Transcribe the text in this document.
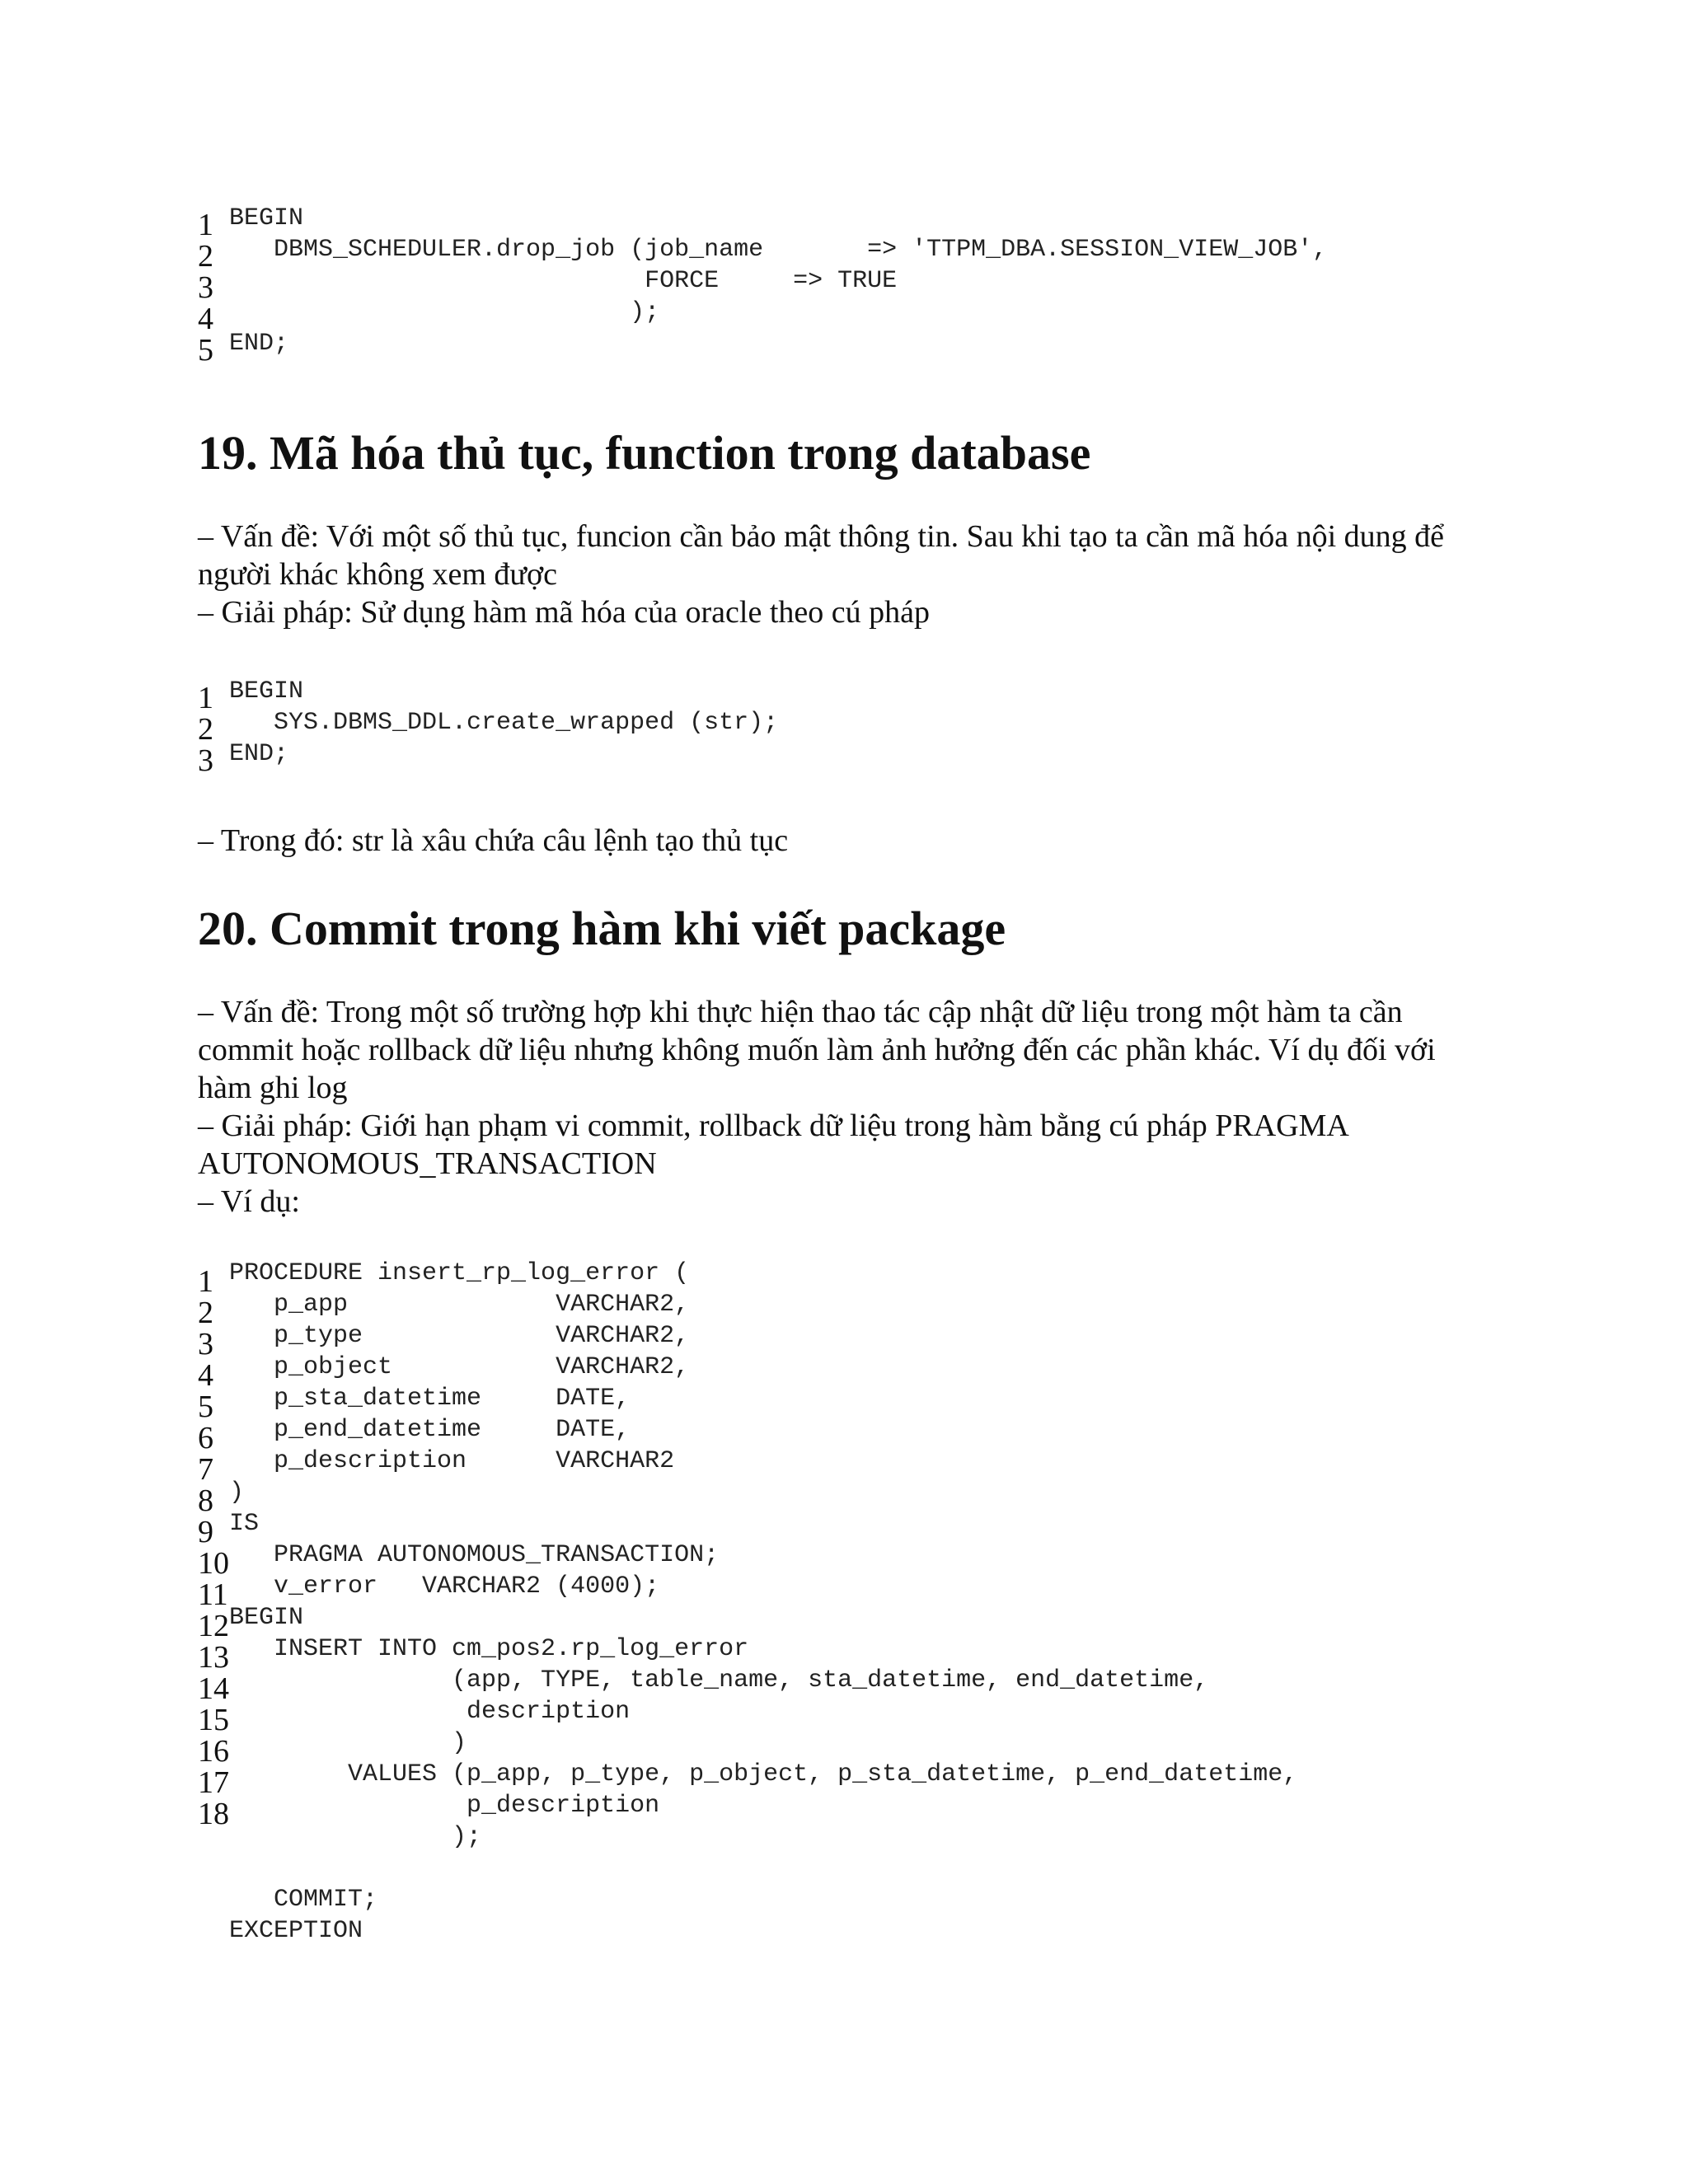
1 BEGIN
2 DBMS_SCHEDULER.drop_job (job_name       => 'TTPM_DBA.SESSION_VIEW_JOB',
3 FORCE     => TRUE
4 );
5 END;
19. Mã hóa thủ tục, function trong database

– Vấn đề: Với một số thủ tục, funcion cần bảo mật thông tin. Sau khi tạo ta cần mã hóa nội dung để người khác không xem được

– Giải pháp: Sử dụng hàm mã hóa của oracle theo cú pháp

1 BEGIN
2 SYS.DBMS_DDL.create_wrapped (str);
3 END;

– Trong đó: str là xâu chứa câu lệnh tạo thủ tục

20. Commit trong hàm khi viết package

– Vấn đề: Trong một số trường hợp khi thực hiện thao tác cập nhật dữ liệu trong một hàm ta cần commit hoặc rollback dữ liệu nhưng không muốn làm ảnh hưởng đến các phần khác. Ví dụ đối với hàm ghi log

– Giải pháp: Giới hạn phạm vi commit, rollback dữ liệu trong hàm bằng cú pháp PRAGMA

AUTONOMOUS_TRANSACTION

– Ví dụ:

1 PROCEDURE insert_rp_log_error (
2 p_app              VARCHAR2,
3 p_type             VARCHAR2,
4 p_object           VARCHAR2,
5 p_sta_datetime     DATE,
6 p_end_datetime     DATE,
7 p_description      VARCHAR2
8 )
9 IS
10 PRAGMA AUTONOMOUS_TRANSACTION;
11 v_error   VARCHAR2 (4000);
12 BEGIN
13 INSERT INTO cm_pos2.rp_log_error
14 (app, TYPE, table_name, sta_datetime, end_datetime,
15 description
16 )
17 VALUES (p_app, p_type, p_object, p_sta_datetime, p_end_datetime,
18 p_description
);
COMMIT;
EXCEPTION
